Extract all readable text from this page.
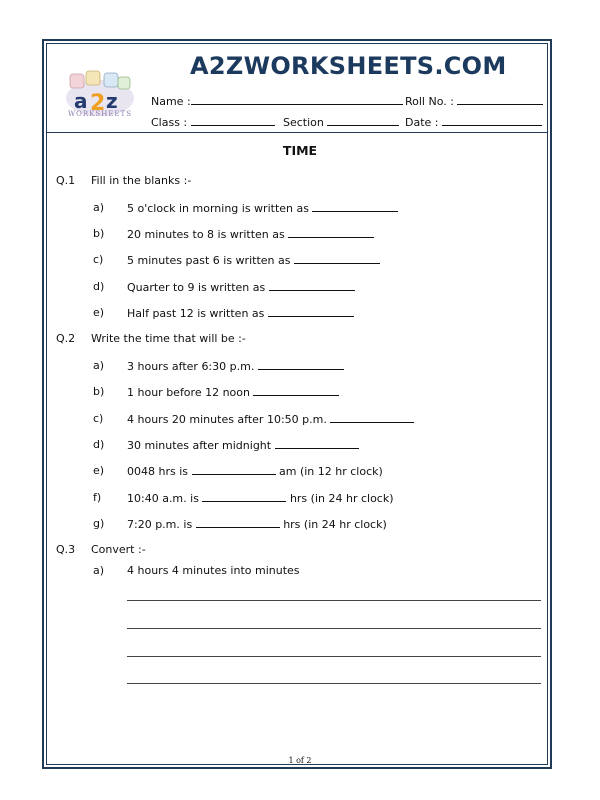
A2ZWORKSHEETS.COM
a 2 z
WORKSHEETS
Name :	Roll No. :
Class :	Section	Date :
TIME
Q.1 Fill in the blanks :-
a) 5 o'clock in morning is written as
b) 20 minutes to 8 is written as
c) 5 minutes past 6 is written as
d) Quarter to 9 is written as
e) Half past 12 is written as
Q.2 Write the time that will be :-
a) 3 hours after 6:30 p.m.
b) 1 hour before 12 noon
c) 4 hours 20 minutes after 10:50 p.m.
d) 30 minutes after midnight
e) 0048 hrs is	am (in 12 hr clock)
f) 10:40 a.m. is	hrs (in 24 hr clock)
g) 7:20 p.m. is	hrs (in 24 hr clock)
Q.3 Convert :-
a) 4 hours 4 minutes into minutes
1 of 2
